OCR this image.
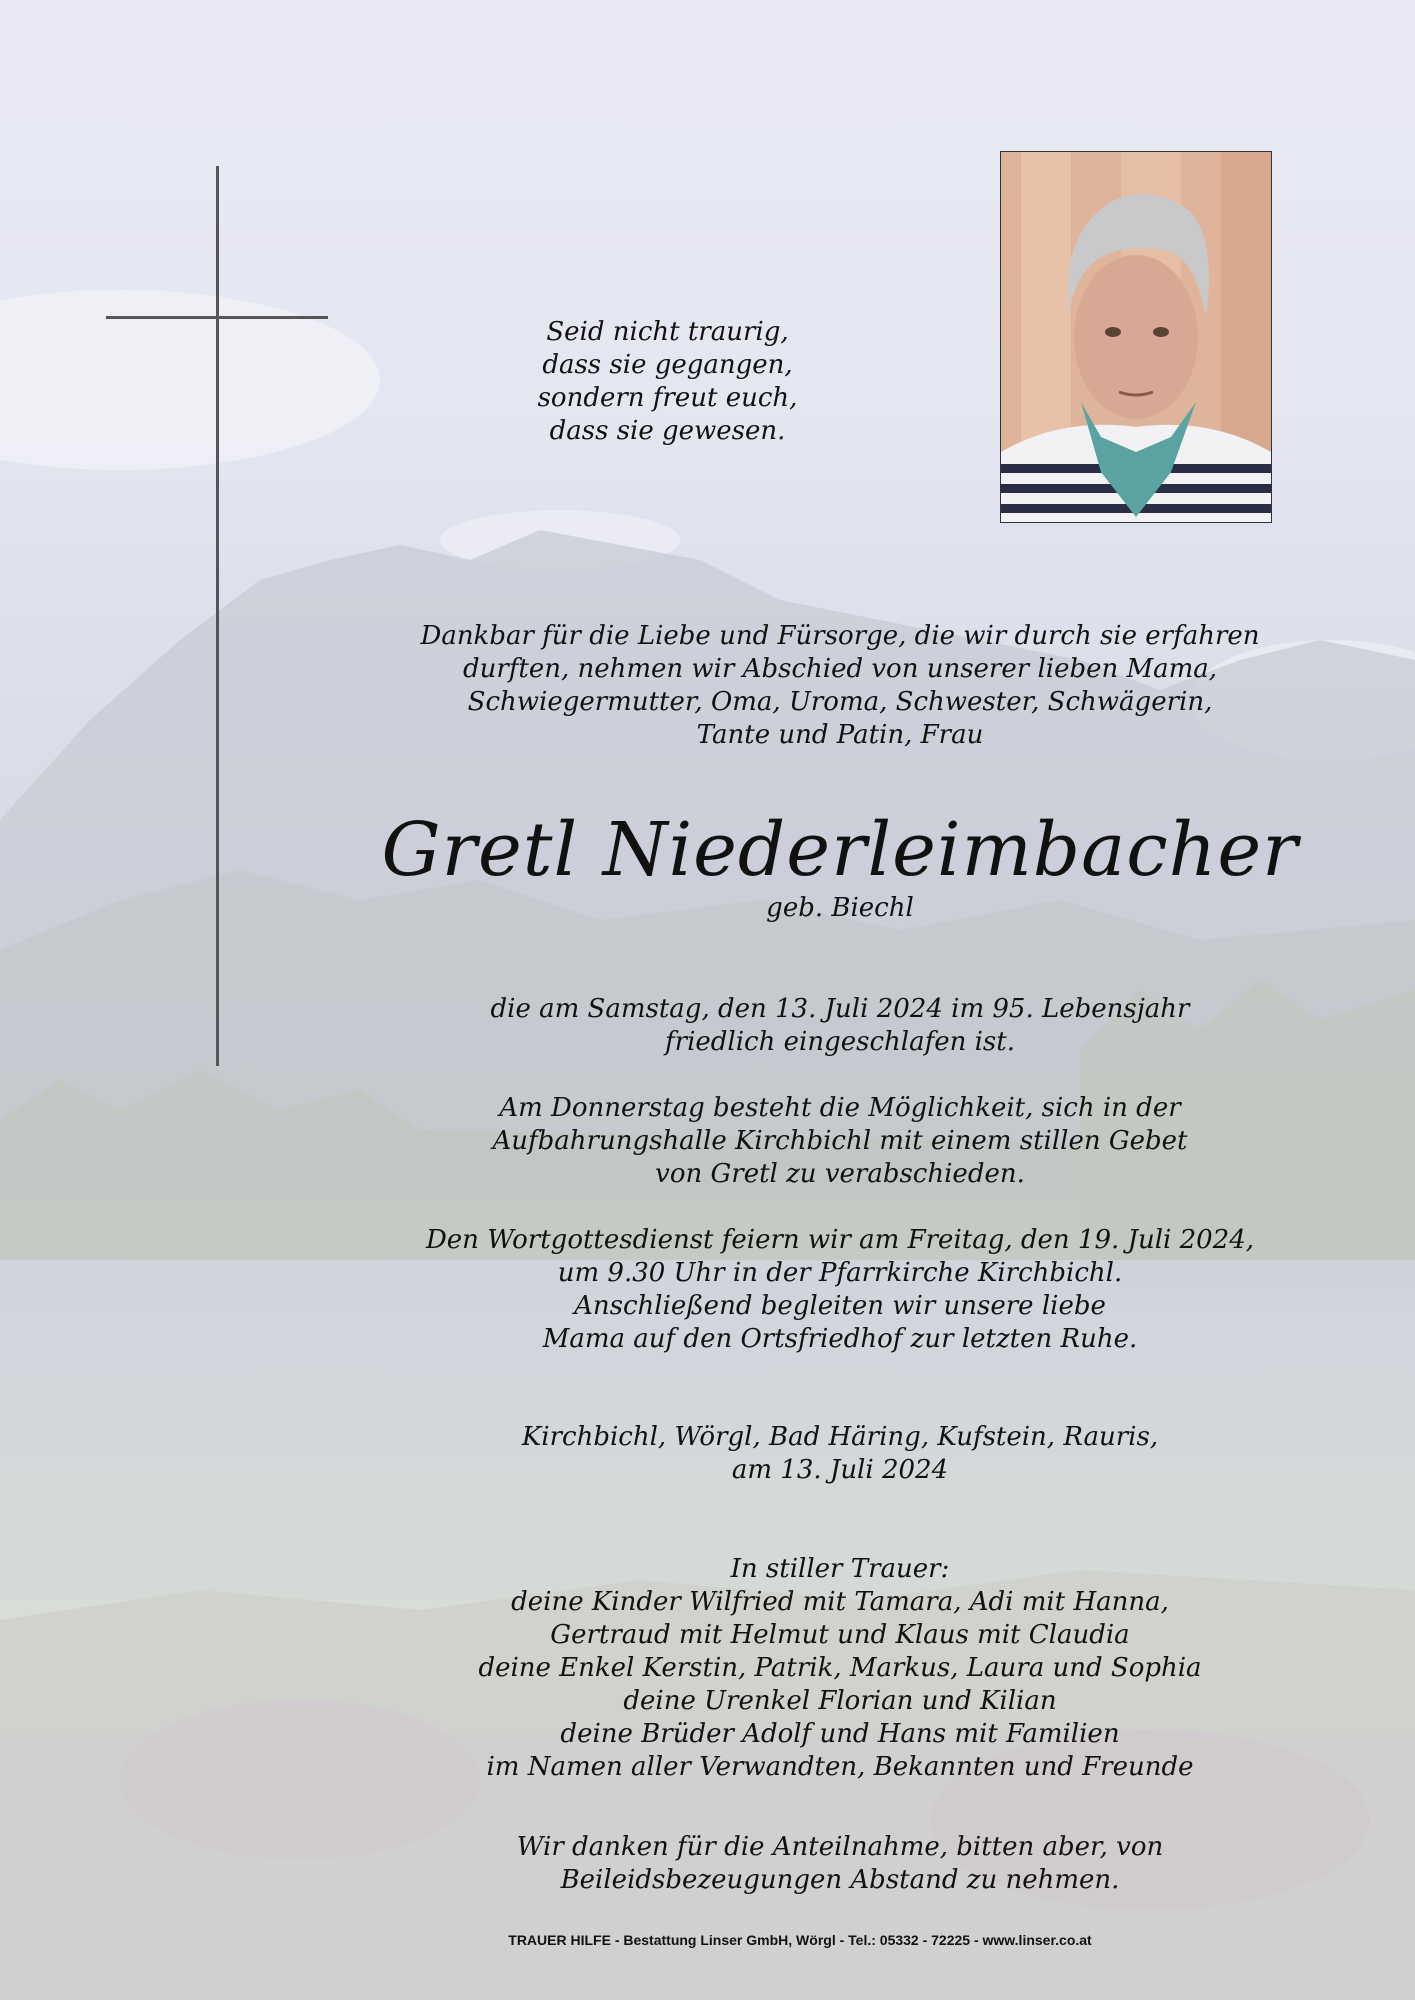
Seid nicht traurig,
dass sie gegangen,
sondern freut euch,
dass sie gewesen.

Dankbar für die Liebe und Fürsorge, die wir durch sie erfahren

durften, nehmen wir Abschied von unserer lieben Mama,

Schwiegermutter, Oma, Uroma, Schwester, Schwägerin,

Tante und Patin, Frau

Gretl Niederleimbacher
geb. Biechl

die am Samstag, den 13. Juli 2024 im 95. Lebensjahr

friedlich eingeschlafen ist.

Am Donnerstag besteht die Möglichkeit, sich in der

Aufbahrungshalle Kirchbichl mit einem stillen Gebet

von Gretl zu verabschieden.

Den Wortgottesdienst feiern wir am Freitag, den 19. Juli 2024,

um 9.30 Uhr in der Pfarrkirche Kirchbichl.

Anschließend begleiten wir unsere liebe

Mama auf den Ortsfriedhof zur letzten Ruhe.

Kirchbichl, Wörgl, Bad Häring, Kufstein, Rauris,

am 13. Juli 2024

In stiller Trauer:

deine Kinder Wilfried mit Tamara, Adi mit Hanna,

Gertraud mit Helmut und Klaus mit Claudia

deine Enkel Kerstin, Patrik, Markus, Laura und Sophia

deine Urenkel Florian und Kilian

deine Brüder Adolf und Hans mit Familien

im Namen aller Verwandten, Bekannten und Freunde

Wir danken für die Anteilnahme, bitten aber, von

Beileidsbezeugungen Abstand zu nehmen.

TRAUER HILFE - Bestattung Linser GmbH, Wörgl - Tel.: 05332 - 72225 - www.linser.co.at
